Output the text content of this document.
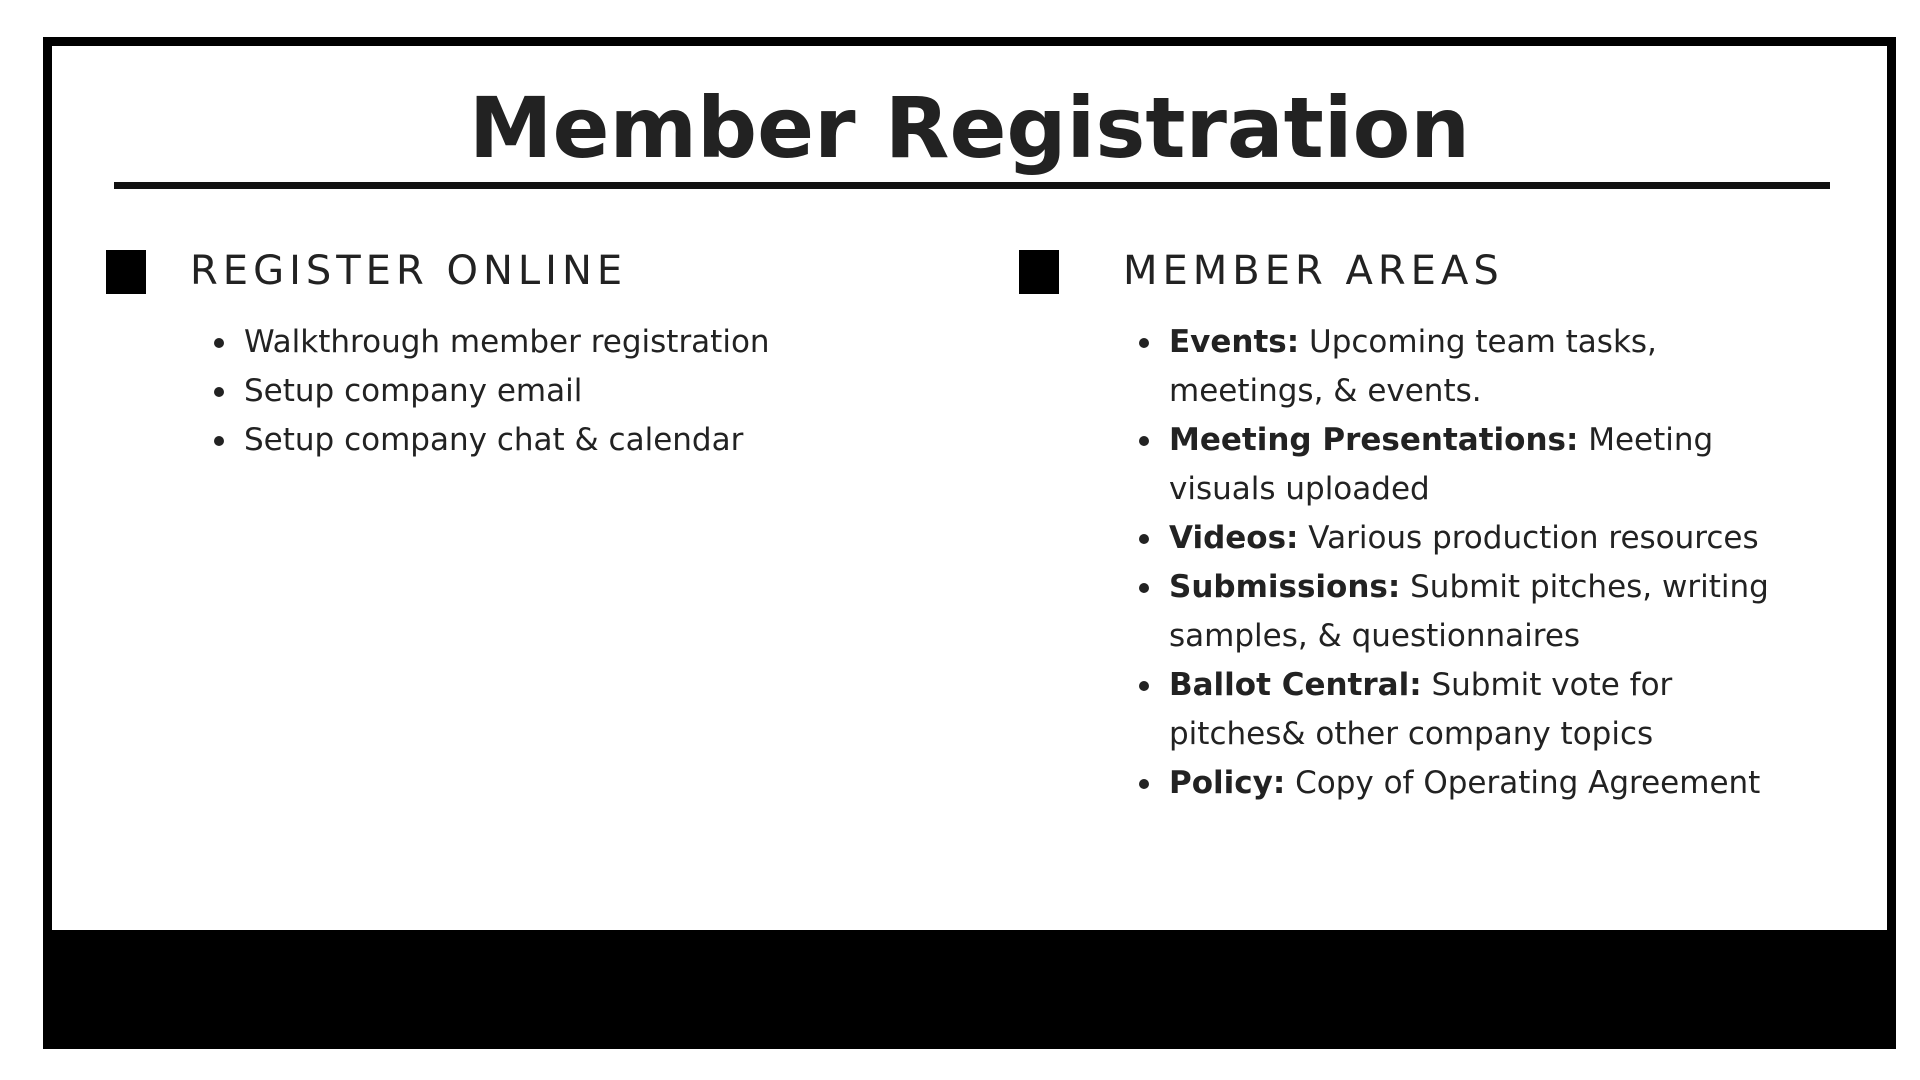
Member Registration
REGISTER ONLINE
Walkthrough member registration
Setup company email
Setup company chat & calendar
MEMBER AREAS
Events: Upcoming team tasks, meetings, & events.
Meeting Presentations: Meeting visuals uploaded
Videos: Various production resources
Submissions: Submit pitches, writing samples, & questionnaires
Ballot Central: Submit vote for pitches& other company topics
Policy: Copy of Operating Agreement
